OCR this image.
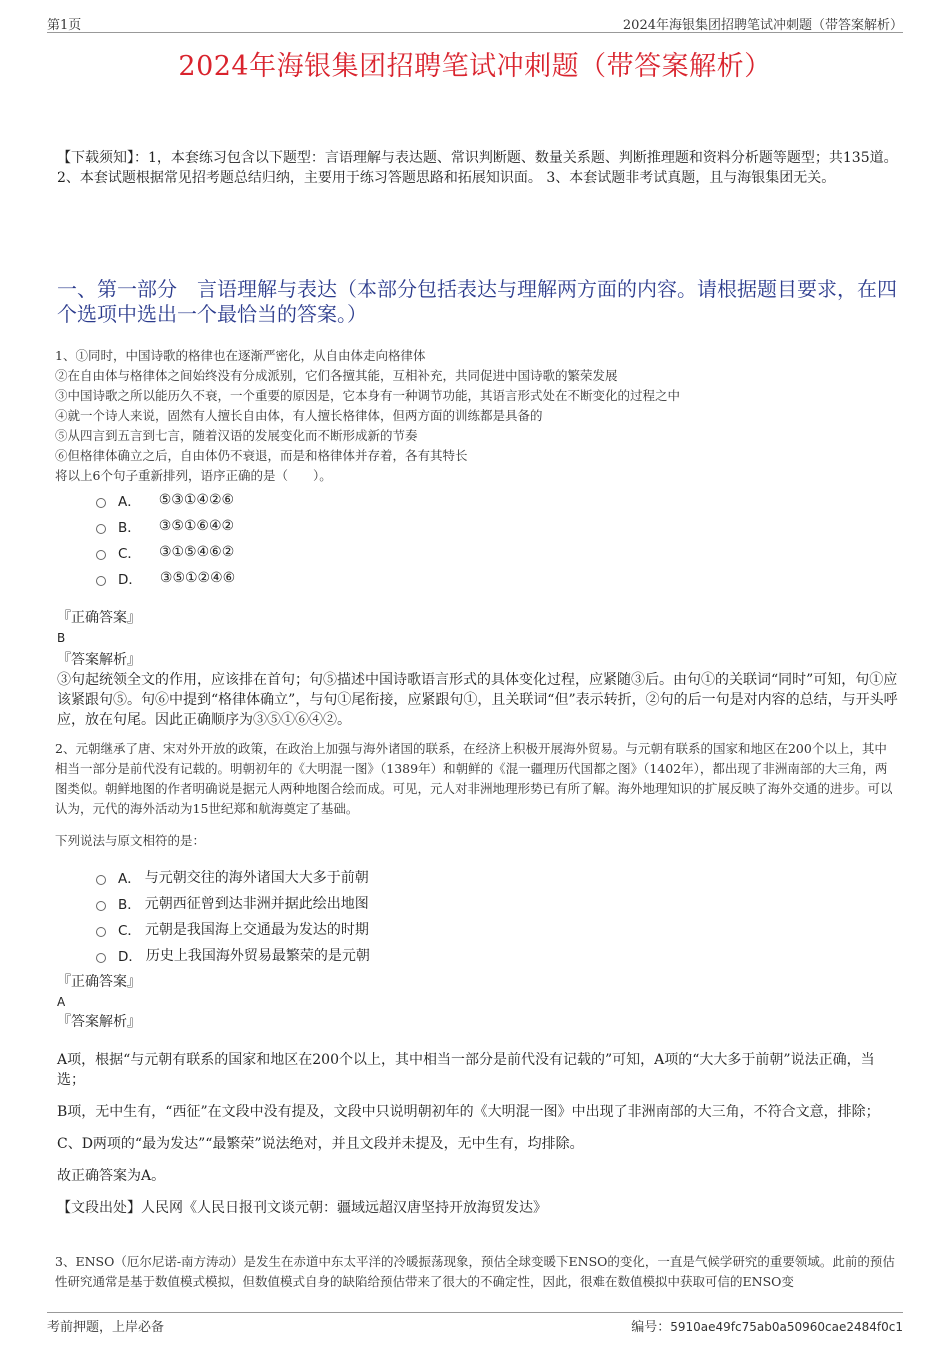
第1页	2024年海银集团招聘笔试冲刺题（带答案解析）
2024年海银集团招聘笔试冲刺题（带答案解析）
【下载须知】：1，本套练习包含以下题型：言语理解与表达题、常识判断题、数量关系题、判断推理题和资料分析题等题型；共135道。 2、本套试题根据常见招考题总结归纳，主要用于练习答题思路和拓展知识面。 3、本套试题非考试真题，且与海银集团无关。
一、第一部分　言语理解与表达（本部分包括表达与理解两方面的内容。请根据题目要求，在四个选项中选出一个最恰当的答案。）

1、①同时，中国诗歌的格律也在逐渐严密化，从自由体走向格律体

②在自由体与格律体之间始终没有分成派别，它们各擅其能，互相补充，共同促进中国诗歌的繁荣发展

③中国诗歌之所以能历久不衰，一个重要的原因是，它本身有一种调节功能，其语言形式处在不断变化的过程之中

④就一个诗人来说，固然有人擅长自由体，有人擅长格律体，但两方面的训练都是具备的

⑤从四言到五言到七言，随着汉语的发展变化而不断形成新的节奏

⑥但格律体确立之后，自由体仍不衰退，而是和格律体并存着，各有其特长

将以上6个句子重新排列，语序正确的是（　　）。

A． ⑤③①④②⑥
B． ③⑤①⑥④②
C． ③①⑤④⑥②
D． ③⑤①②④⑥

『正确答案』

B

『答案解析』

③句起统领全文的作用，应该排在首句；句⑤描述中国诗歌语言形式的具体变化过程，应紧随③后。由句①的关联词“同时”可知，句①应该紧跟句⑤。句⑥中提到“格律体确立”，与句①尾衔接，应紧跟句①，且关联词“但”表示转折，②句的后一句是对内容的总结，与开头呼应，放在句尾。因此正确顺序为③⑤①⑥④②。

2、元朝继承了唐、宋对外开放的政策，在政治上加强与海外诸国的联系，在经济上积极开展海外贸易。与元朝有联系的国家和地区在200个以上，其中相当一部分是前代没有记载的。明朝初年的《大明混一图》（1389年）和朝鲜的《混一疆理历代国都之图》（1402年），都出现了非洲南部的大三角，两图类似。朝鲜地图的作者明确说是据元人两种地图合绘而成。可见，元人对非洲地理形势已有所了解。海外地理知识的扩展反映了海外交通的进步。可以认为，元代的海外活动为15世纪郑和航海奠定了基础。

下列说法与原文相符的是：

A． 与元朝交往的海外诸国大大多于前朝
B． 元朝西征曾到达非洲并据此绘出地图
C． 元朝是我国海上交通最为发达的时期
D． 历史上我国海外贸易最繁荣的是元朝

『正确答案』

A

『答案解析』

A项，根据“与元朝有联系的国家和地区在200个以上，其中相当一部分是前代没有记载的”可知，A项的“大大多于前朝”说法正确，当选；

B项，无中生有，“西征”在文段中没有提及，文段中只说明朝初年的《大明混一图》中出现了非洲南部的大三角，不符合文意，排除；

C、D两项的“最为发达”“最繁荣”说法绝对，并且文段并未提及，无中生有，均排除。

故正确答案为A。

【文段出处】人民网《人民日报刊文谈元朝：疆域远超汉唐坚持开放海贸发达》

3、ENSO（厄尔尼诺-南方涛动）是发生在赤道中东太平洋的冷暖振荡现象，预估全球变暖下ENSO的变化，一直是气候学研究的重要领域。此前的预估性研究通常是基于数值模式模拟，但数值模式自身的缺陷给预估带来了很大的不确定性，因此，很难在数值模拟中获取可信的ENSO变

考前押题，上岸必备	编号：5910ae49fc75ab0a50960cae2484f0c1
